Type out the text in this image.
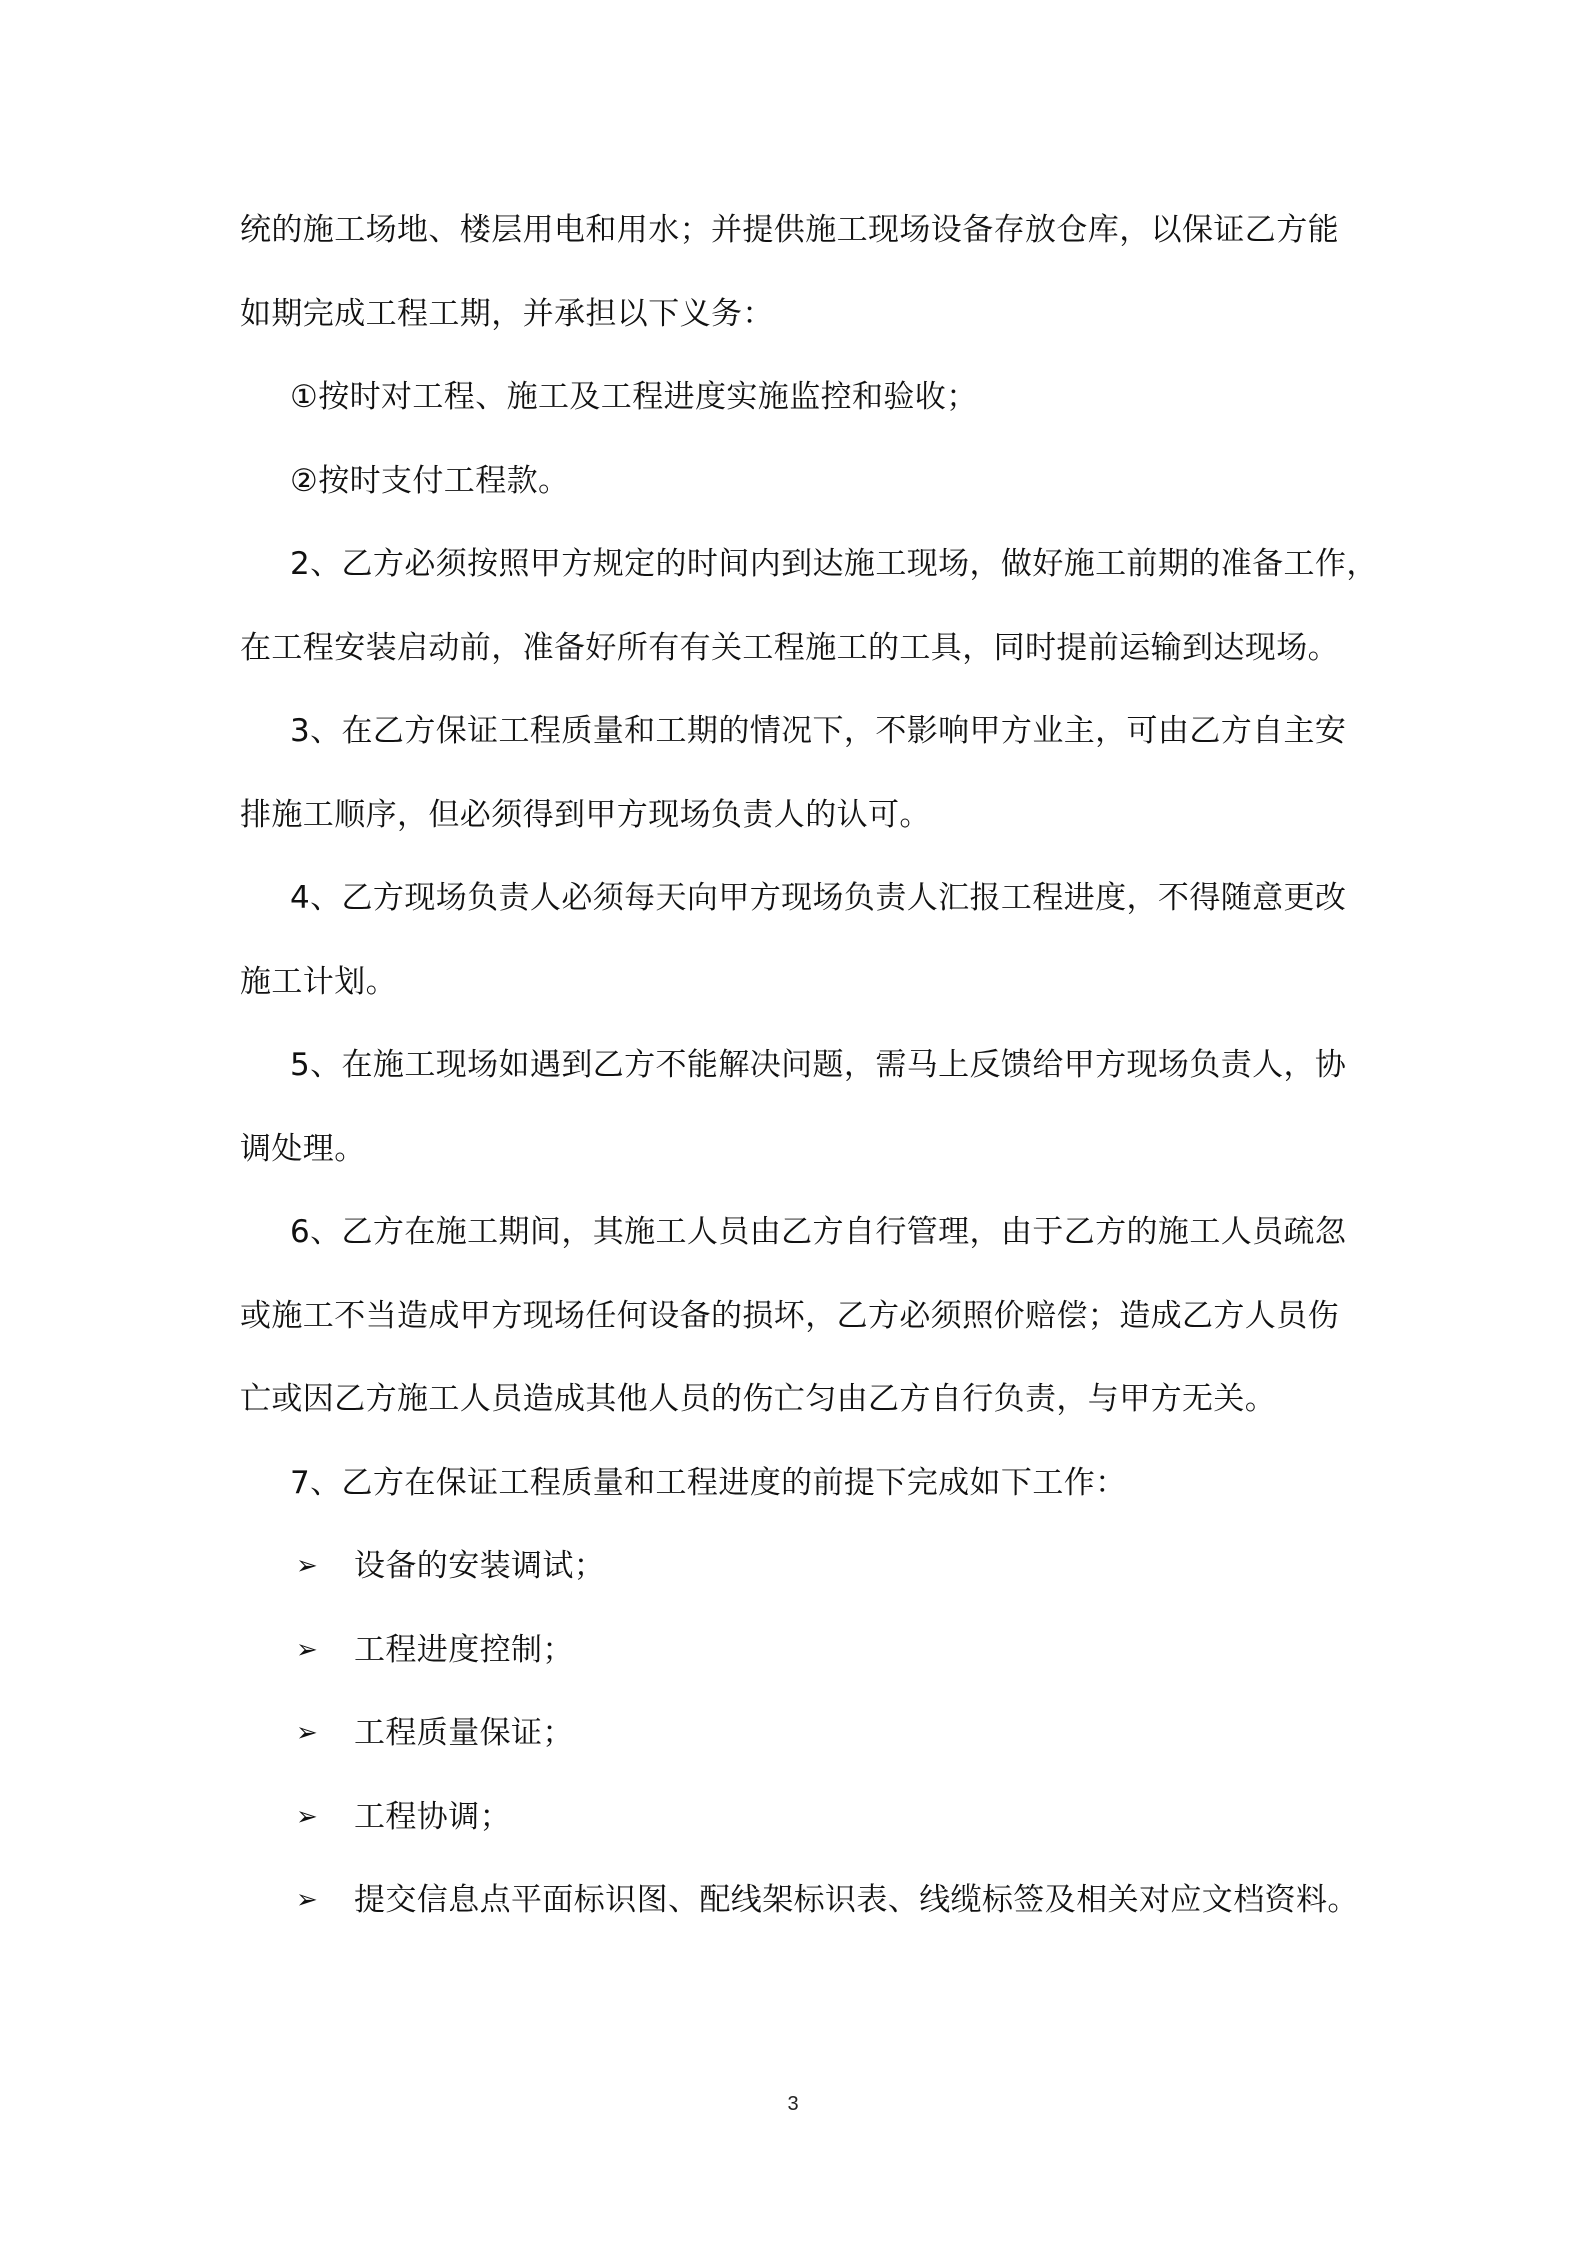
统的施工场地、楼层用电和用水；并提供施工现场设备存放仓库，以保证乙方能
如期完成工程工期，并承担以下义务：
①按时对工程、施工及工程进度实施监控和验收；
②按时支付工程款。
2、乙方必须按照甲方规定的时间内到达施工现场，做好施工前期的准备工作，
在工程安装启动前，准备好所有有关工程施工的工具，同时提前运输到达现场。
3、在乙方保证工程质量和工期的情况下，不影响甲方业主，可由乙方自主安
排施工顺序，但必须得到甲方现场负责人的认可。
4、乙方现场负责人必须每天向甲方现场负责人汇报工程进度，不得随意更改
施工计划。
5、在施工现场如遇到乙方不能解决问题，需马上反馈给甲方现场负责人，协
调处理。
6、乙方在施工期间，其施工人员由乙方自行管理，由于乙方的施工人员疏忽
或施工不当造成甲方现场任何设备的损坏，乙方必须照价赔偿；造成乙方人员伤
亡或因乙方施工人员造成其他人员的伤亡匀由乙方自行负责，与甲方无关。
7、乙方在保证工程质量和工程进度的前提下完成如下工作：
➢ 设备的安装调试；
➢ 工程进度控制；
➢ 工程质量保证；
➢ 工程协调；
➢ 提交信息点平面标识图、配线架标识表、线缆标签及相关对应文档资料。
3
